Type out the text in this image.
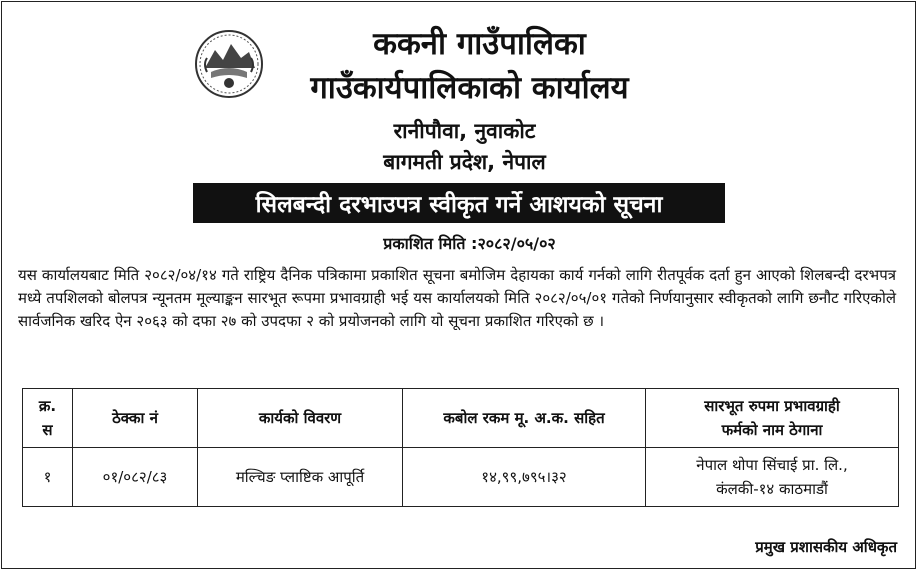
ककनी गाउँपालिका
गाउँकार्यपालिकाको कार्यालय
रानीपौवा, नुवाकोट
बागमती प्रदेश, नेपाल
सिलबन्दी दरभाउपत्र स्वीकृत गर्ने आशयको सूचना
प्रकाशित मिति :२०८२/०५/०२
यस कार्यालयबाट मिति २०८२/०४/१४ गते राष्ट्रिय दैनिक पत्रिकामा प्रकाशित सूचना बमोजिम देहायका कार्य गर्नको लागि रीतपूर्वक दर्ता हुन आएको शिलबन्दी दरभपत्र मध्ये तपशिलको बोलपत्र न्यूनतम मूल्याङ्कन सारभूत रूपमा प्रभावग्राही भई यस कार्यालयको मिति २०८२/०५/०१ गतेको निर्णयानुसार स्वीकृतको लागि छनौट गरिएकोले सार्वजनिक खरिद ऐन २०६३ को दफा २७ को उपदफा २ को प्रयोजनको लागि यो सूचना प्रकाशित गरिएको छ ।
क्र.
स	ठेक्का नं	कार्यको विवरण	कबोल रकम मू. अ.क. सहित	सारभूत रुपमा प्रभावग्राही
फर्मको नाम ठेगाना
१	०१/०८२/८३	मल्चिङ प्लाष्टिक आपूर्ति	१४,९९,७९५।३२	नेपाल थोपा सिंचाई प्रा. लि.,
कंलकी-१४ काठमाडौं
प्रमुख प्रशासकीय अधिकृत
